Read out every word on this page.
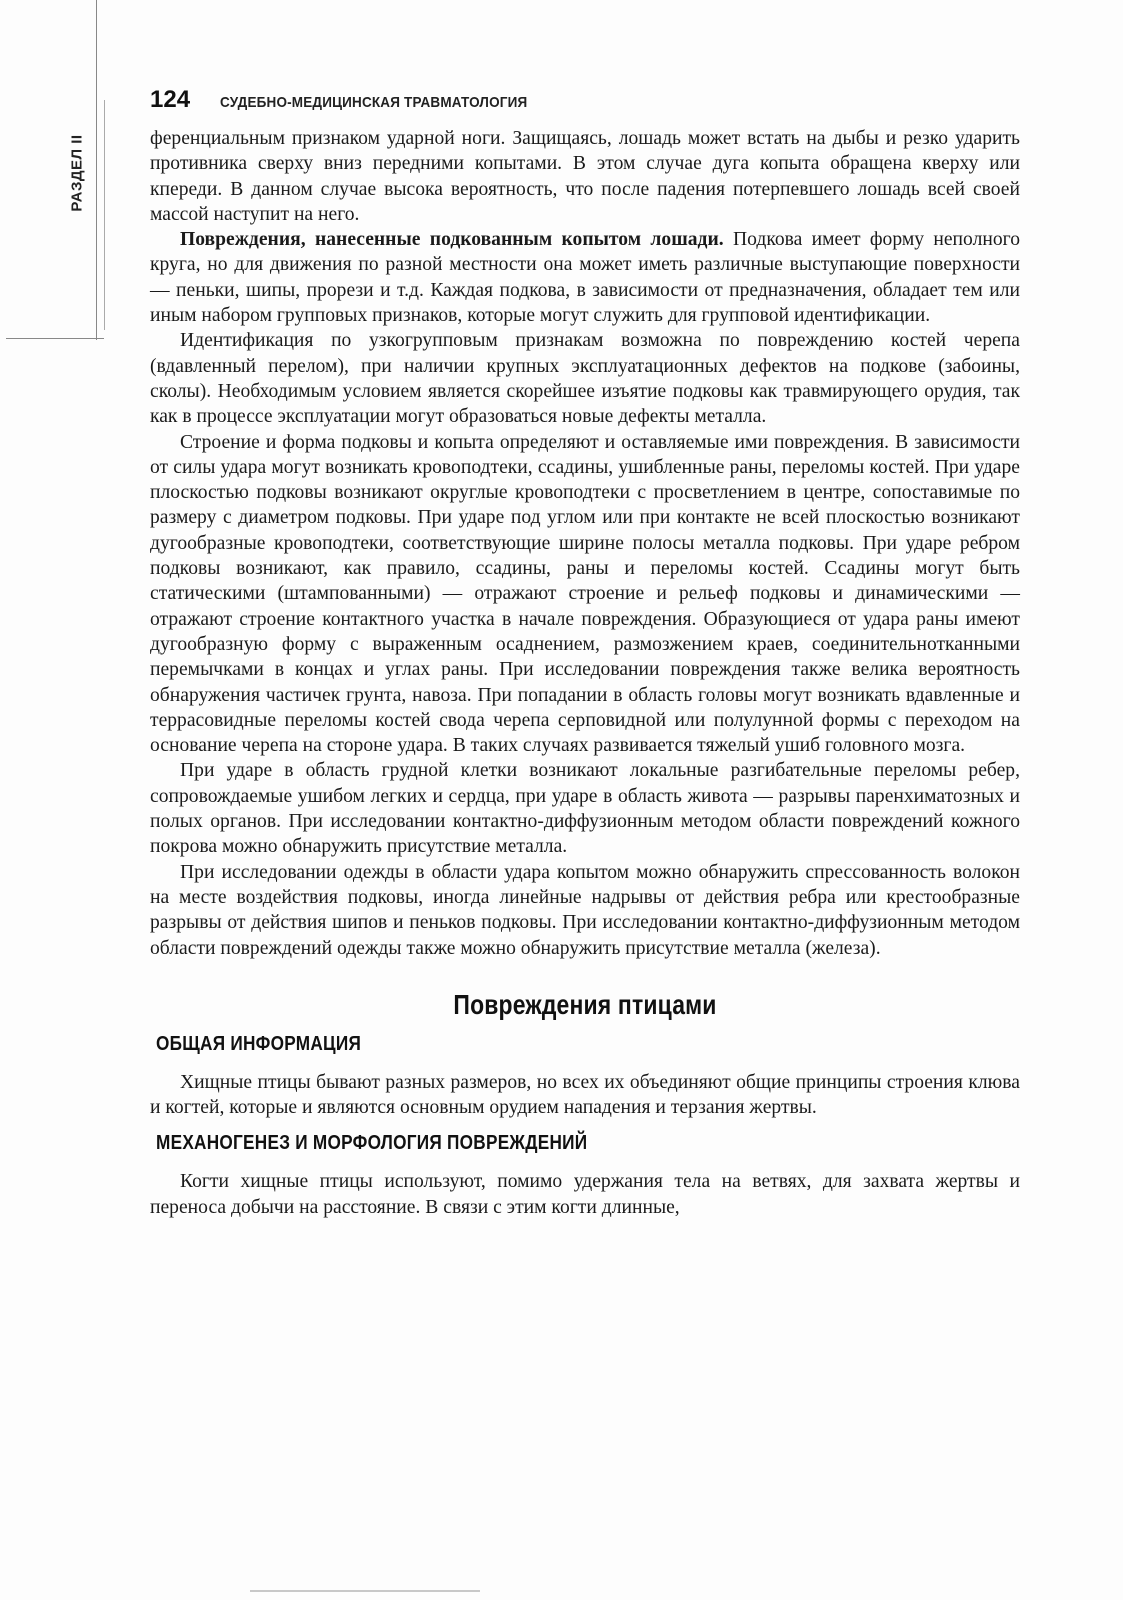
РАЗДЕЛ II
124 СУДЕБНО-МЕДИЦИНСКАЯ ТРАВМАТОЛОГИЯ

ференциальным признаком ударной ноги. Защищаясь, лошадь может встать на дыбы и резко ударить противника сверху вниз передними копытами. В этом случае дуга копыта обращена кверху или кпереди. В данном случае высока вероятность, что после падения потерпевшего лошадь всей своей массой наступит на него.

Повреждения, нанесенные подкованным копытом лошади. Подкова имеет форму неполного круга, но для движения по разной местности она может иметь различные выступающие поверхности — пеньки, шипы, прорези и т.д. Каждая подкова, в зависимости от предназначения, обладает тем или иным набором групповых признаков, которые могут служить для групповой идентификации.

Идентификация по узкогрупповым признакам возможна по повреждению костей черепа (вдавленный перелом), при наличии крупных эксплуатационных дефектов на подкове (забоины, сколы). Необходимым условием является скорейшее изъятие подковы как травмирующего орудия, так как в процессе эксплуатации могут образоваться новые дефекты металла.

Строение и форма подковы и копыта определяют и оставляемые ими повреждения. В зависимости от силы удара могут возникать кровоподтеки, ссадины, ушибленные раны, переломы костей. При ударе плоскостью подковы возникают округлые кровоподтеки с просветлением в центре, сопоставимые по размеру с диаметром подковы. При ударе под углом или при контакте не всей плоскостью возникают дугообразные кровоподтеки, соответствующие ширине полосы металла подковы. При ударе ребром подковы возникают, как правило, ссадины, раны и переломы костей. Ссадины могут быть статическими (штампованными) — отражают строение и рельеф подковы и динамическими — отражают строение контактного участка в начале повреждения. Образующиеся от удара раны имеют дугообразную форму с выраженным осаднением, размозжением краев, соединительнотканными перемычками в концах и углах раны. При исследовании повреждения также велика вероятность обнаружения частичек грунта, навоза. При попадании в область головы могут возникать вдавленные и террасовидные переломы костей свода черепа серповидной или полулунной формы с переходом на основание черепа на стороне удара. В таких случаях развивается тяжелый ушиб головного мозга.

При ударе в область грудной клетки возникают локальные разгибательные переломы ребер, сопровождаемые ушибом легких и сердца, при ударе в область живота — разрывы паренхиматозных и полых органов. При исследовании контактно-диффузионным методом области повреждений кожного покрова можно обнаружить присутствие металла.

При исследовании одежды в области удара копытом можно обнаружить спрессованность волокон на месте воздействия подковы, иногда линейные надрывы от действия ребра или крестообразные разрывы от действия шипов и пеньков подковы. При исследовании контактно-диффузионным методом области повреждений одежды также можно обнаружить присутствие металла (железа).

Повреждения птицами
ОБЩАЯ ИНФОРМАЦИЯ

Хищные птицы бывают разных размеров, но всех их объединяют общие принципы строения клюва и когтей, которые и являются основным орудием нападения и терзания жертвы.

МЕХАНОГЕНЕЗ И МОРФОЛОГИЯ ПОВРЕЖДЕНИЙ

Когти хищные птицы используют, помимо удержания тела на ветвях, для захвата жертвы и переноса добычи на расстояние. В связи с этим когти длинные,
